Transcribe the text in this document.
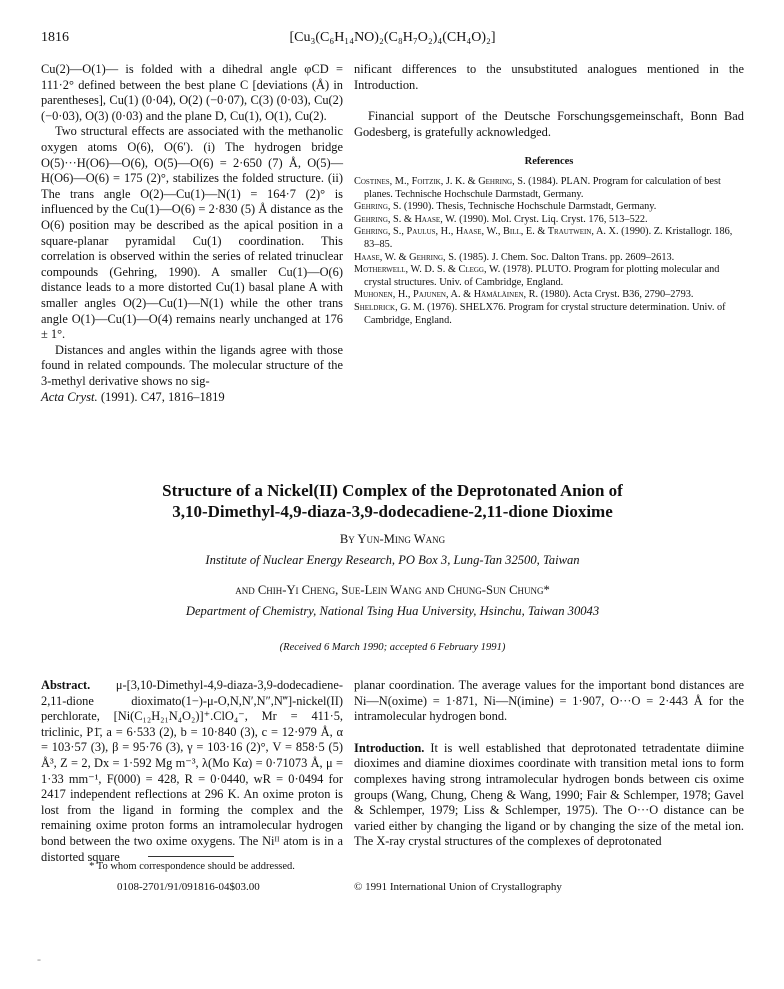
1816	[Cu₃(C₆H₁₄NO)₂(C₈H₇O₂)₄(CH₄O)₂]

Cu(2)—O(1)— is folded with a dihedral angle φCD = 111·2° defined between the best plane C [deviations (Å) in parentheses], Cu(1) (0·04), O(2) (−0·07), C(3) (0·03), Cu(2) (−0·03), O(3) (0·03) and the plane D, Cu(1), O(1), Cu(2).

Two structural effects are associated with the methanolic oxygen atoms O(6), O(6′). (i) The hydrogen bridge O(5)···H(O6)—O(6), O(5)—O(6) = 2·650 (7) Å, O(5)—H(O6)—O(6) = 175 (2)°, stabilizes the folded structure. (ii) The trans angle O(2)—Cu(1)—N(1) = 164·7 (2)° is influenced by the Cu(1)—O(6) = 2·830 (5) Å distance as the O(6) position may be described as the apical position in a square-planar pyramidal Cu(1) coordination. This correlation is observed within the series of related trinuclear compounds (Gehring, 1990). A smaller Cu(1)—O(6) distance leads to a more distorted Cu(1) basal plane A with smaller angles O(2)—Cu(1)—N(1) while the other trans angle O(1)—Cu(1)—O(4) remains nearly unchanged at 176 ± 1°.

Distances and angles within the ligands agree with those found in related compounds. The molecular structure of the 3-methyl derivative shows no sig-

nificant differences to the unsubstituted analogues mentioned in the Introduction.

Financial support of the Deutsche Forschungsgemeinschaft, Bonn Bad Godesberg, is gratefully acknowledged.

References

Costines, M., Foitzik, J. K. & Gehring, S. (1984). PLAN. Program for calculation of best planes. Technische Hochschule Darmstadt, Germany.

Gehring, S. (1990). Thesis, Technische Hochschule Darmstadt, Germany.

Gehring, S. & Haase, W. (1990). Mol. Cryst. Liq. Cryst. 176, 513–522.

Gehring, S., Paulus, H., Haase, W., Bill, E. & Trautwein, A. X. (1990). Z. Kristallogr. 186, 83–85.

Haase, W. & Gehring, S. (1985). J. Chem. Soc. Dalton Trans. pp. 2609–2613.

Motherwell, W. D. S. & Clegg, W. (1978). PLUTO. Program for plotting molecular and crystal structures. Univ. of Cambridge, England.

Muhonen, H., Pajunen, A. & Hämäläinen, R. (1980). Acta Cryst. B36, 2790–2793.

Sheldrick, G. M. (1976). SHELX76. Program for crystal structure determination. Univ. of Cambridge, England.

Acta Cryst. (1991). C47, 1816–1819
Structure of a Nickel(II) Complex of the Deprotonated Anion of
3,10-Dimethyl-4,9-diaza-3,9-dodecadiene-2,11-dione Dioxime
By Yun-Ming Wang
Institute of Nuclear Energy Research, PO Box 3, Lung-Tan 32500, Taiwan
and Chih-Yi Cheng, Sue-Lein Wang and Chung-Sun Chung*
Department of Chemistry, National Tsing Hua University, Hsinchu, Taiwan 30043
(Received 6 March 1990; accepted 6 February 1991)

Abstract. μ-[3,10-Dimethyl-4,9-diaza-3,9-dodecadiene-2,11-dione dioximato(1−)-μ-O,N,N′,N″,N‴]-nickel(II) perchlorate, [Ni(C₁₂H₂₁N₄O₂)]⁺.ClO₄⁻, Mr = 411·5, triclinic, P1̄, a = 6·533 (2), b = 10·840 (3), c = 12·979 Å, α = 103·57 (3), β = 95·76 (3), γ = 103·16 (2)°, V = 858·5 (5) Å³, Z = 2, Dx = 1·592 Mg m⁻³, λ(Mo Kα) = 0·71073 Å, μ = 1·33 mm⁻¹, F(000) = 428, R = 0·0440, wR = 0·0494 for 2417 independent reflections at 296 K. An oxime proton is lost from the ligand in forming the complex and the remaining oxime proton forms an intramolecular hydrogen bond between the two oxime oxygens. The Niᴵᴵ atom is in a distorted square

planar coordination. The average values for the important bond distances are Ni—N(oxime) = 1·871, Ni—N(imine) = 1·907, O···O = 2·443 Å for the intramolecular hydrogen bond.

Introduction. It is well established that deprotonated tetradentate diimine dioximes and diamine dioximes coordinate with transition metal ions to form complexes having strong intramolecular hydrogen bonds between cis oxime groups (Wang, Chung, Cheng & Wang, 1990; Fair & Schlemper, 1978; Gavel & Schlemper, 1979; Liss & Schlemper, 1975). The O···O distance can be varied either by changing the ligand or by changing the size of the metal ion. The X-ray crystal structures of the complexes of deprotonated

* To whom correspondence should be addressed.
0108-2701/91/091816-04$03.00	© 1991 International Union of Crystallography
-
